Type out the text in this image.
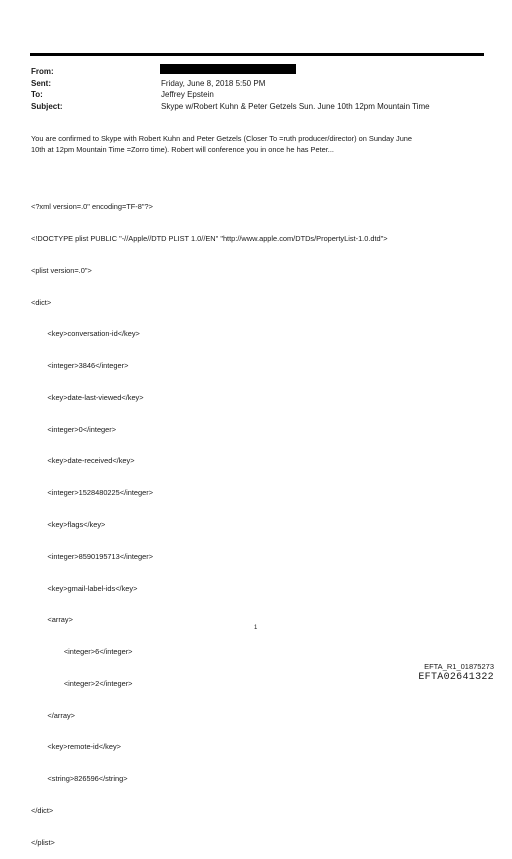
From:
Sent:	Friday, June 8, 2018 5:50 PM
To:	Jeffrey Epstein
Subject:	Skype w/Robert Kuhn & Peter Getzels Sun. June 10th 12pm Mountain Time
You are confirmed to Skype with Robert Kuhn and Peter Getzels (Closer To =ruth producer/director) on Sunday June
10th at 12pm Mountain Time =Zorro time). Robert will conference you in once he has Peter...

<?xml version=.0" encoding=TF-8"?>

<!DOCTYPE plist PUBLIC "-//Apple//DTD PLIST 1.0//EN" "http://www.apple.com/DTDs/PropertyList-1.0.dtd">

<plist version=.0">

<dict>

<key>conversation-id</key>

<integer>3846</integer>

<key>date-last-viewed</key>

<integer>0</integer>

<key>date-received</key>

<integer>1528480225</integer>

<key>flags</key>

<integer>8590195713</integer>

<key>gmail-label-ids</key>

<array>

<integer>6</integer>

<integer>2</integer>

</array>

<key>remote-id</key>

<string>826596</string>

</dict>

</plist>

1
EFTA_R1_01875273
EFTA02641322
